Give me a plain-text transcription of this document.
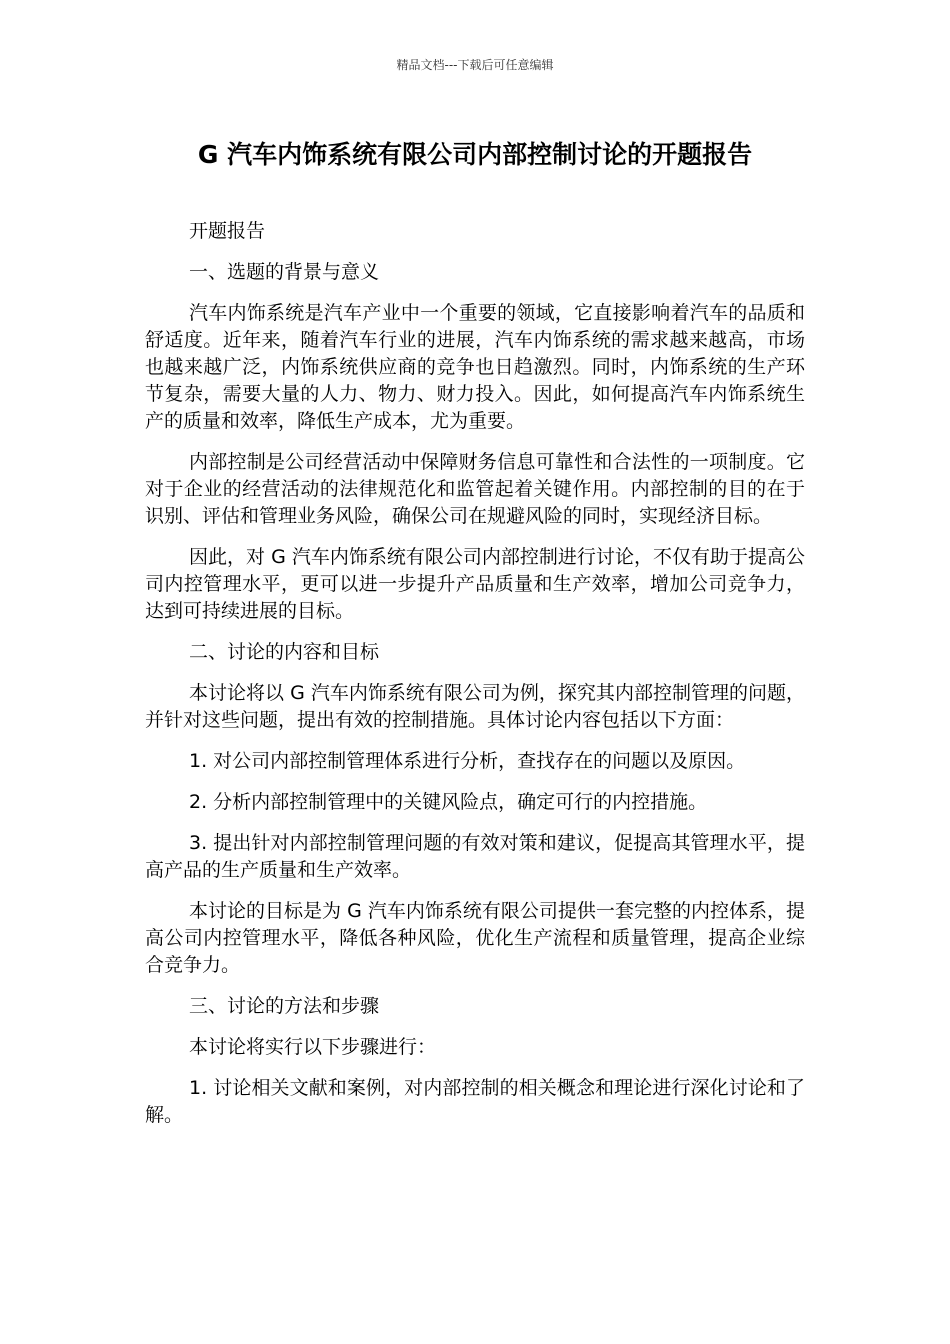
精品文档---下载后可任意编辑
G 汽车内饰系统有限公司内部控制讨论的开题报告

开题报告

一、选题的背景与意义

汽车内饰系统是汽车产业中一个重要的领域，它直接影响着汽车的品质和舒适度。近年来，随着汽车行业的进展，汽车内饰系统的需求越来越高，市场也越来越广泛，内饰系统供应商的竞争也日趋激烈。同时，内饰系统的生产环节复杂，需要大量的人力、物力、财力投入。因此，如何提高汽车内饰系统生产的质量和效率，降低生产成本，尤为重要。

内部控制是公司经营活动中保障财务信息可靠性和合法性的一项制度。它对于企业的经营活动的法律规范化和监管起着关键作用。内部控制的目的在于识别、评估和管理业务风险，确保公司在规避风险的同时，实现经济目标。

因此，对 G 汽车内饰系统有限公司内部控制进行讨论，不仅有助于提高公司内控管理水平，更可以进一步提升产品质量和生产效率，增加公司竞争力，达到可持续进展的目标。

二、讨论的内容和目标

本讨论将以 G 汽车内饰系统有限公司为例，探究其内部控制管理的问题，并针对这些问题，提出有效的控制措施。具体讨论内容包括以下方面：

1. 对公司内部控制管理体系进行分析，查找存在的问题以及原因。

2. 分析内部控制管理中的关键风险点，确定可行的内控措施。

3. 提出针对内部控制管理问题的有效对策和建议，促提高其管理水平，提高产品的生产质量和生产效率。

本讨论的目标是为 G 汽车内饰系统有限公司提供一套完整的内控体系，提高公司内控管理水平，降低各种风险，优化生产流程和质量管理，提高企业综合竞争力。

三、讨论的方法和步骤

本讨论将实行以下步骤进行：

1. 讨论相关文献和案例，对内部控制的相关概念和理论进行深化讨论和了解。
